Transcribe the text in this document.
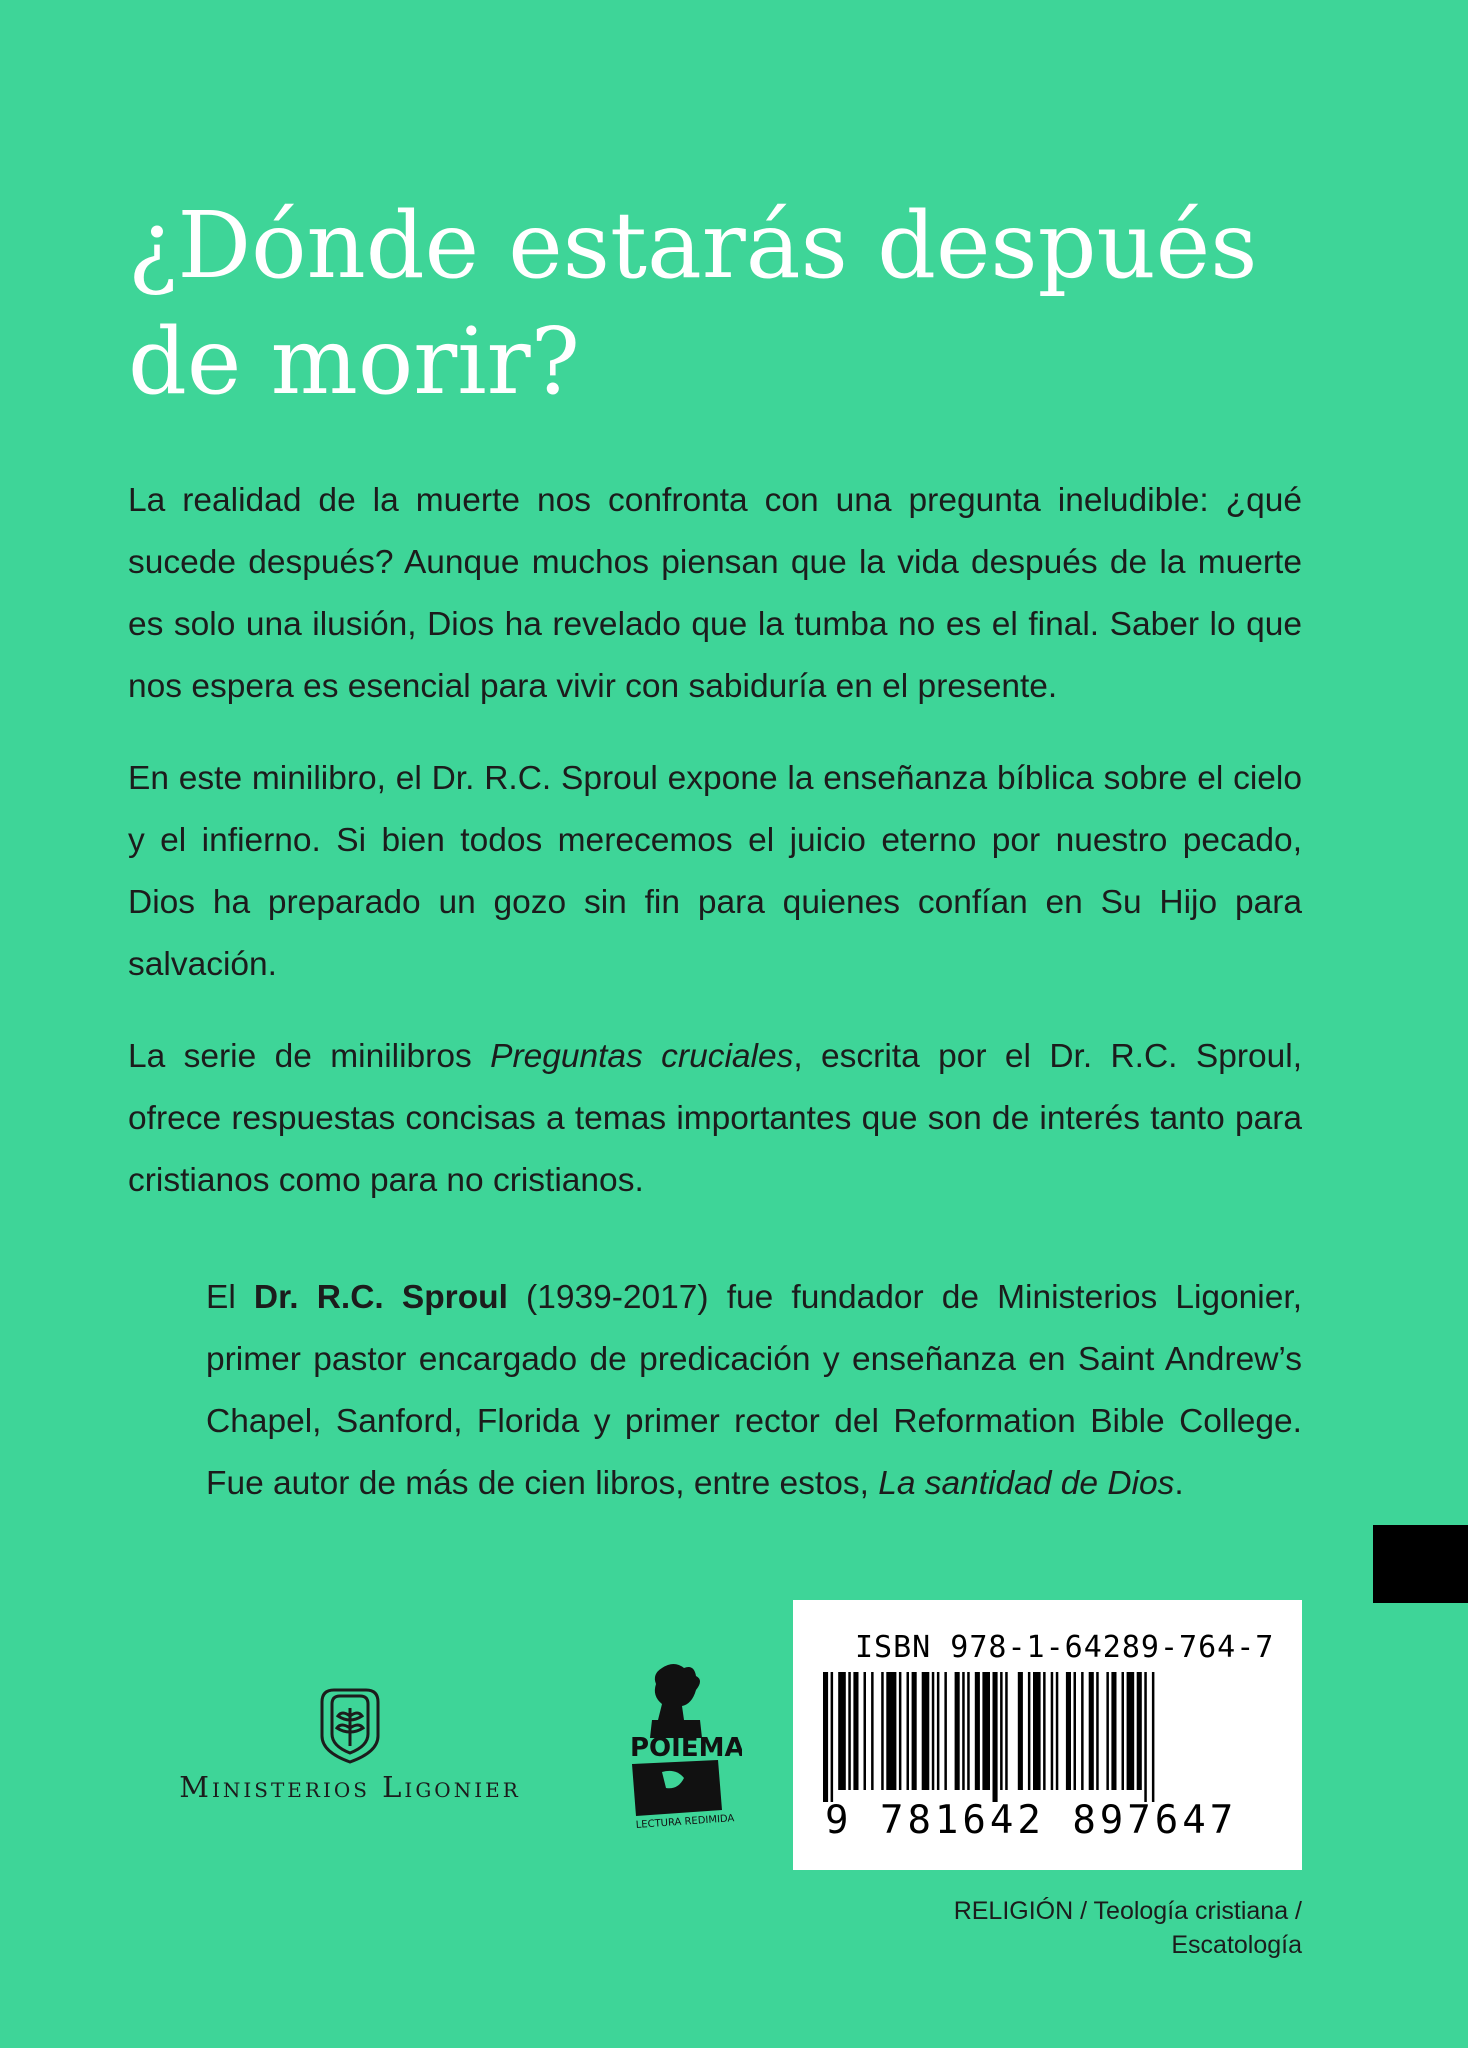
¿Dónde estarás después
de morir?

La realidad de la muerte nos confronta con una pregunta ineludible: ¿qué sucede después? Aunque muchos piensan que la vida después de la muerte es solo una ilusión, Dios ha revelado que la tumba no es el final. Saber lo que nos espera es esencial para vivir con sabiduría en el presente.

En este minilibro, el Dr. R.C. Sproul expone la enseñanza bíblica sobre el cielo y el infierno. Si bien todos merecemos el juicio eterno por nuestro pecado, Dios ha preparado un gozo sin fin para quienes confían en Su Hijo para salvación.

La serie de minilibros Preguntas cruciales, escrita por el Dr. R.C. Sproul, ofrece respuestas concisas a temas importantes que son de interés tanto para cristianos como para no cristianos.

El Dr. R.C. Sproul (1939-2017) fue fundador de Ministerios Ligonier, primer pastor encargado de predicación y enseñanza en Saint Andrew’s Chapel, Sanford, Florida y primer rector del Reformation Bible College. Fue autor de más de cien libros, entre estos, La santidad de Dios.

Ministerios Ligonier
POIEMA
LECTURA REDIMIDA
ISBN 978-1-64289-764-7
9 781642 897647
RELIGIÓN / Teología cristiana /
Escatología
